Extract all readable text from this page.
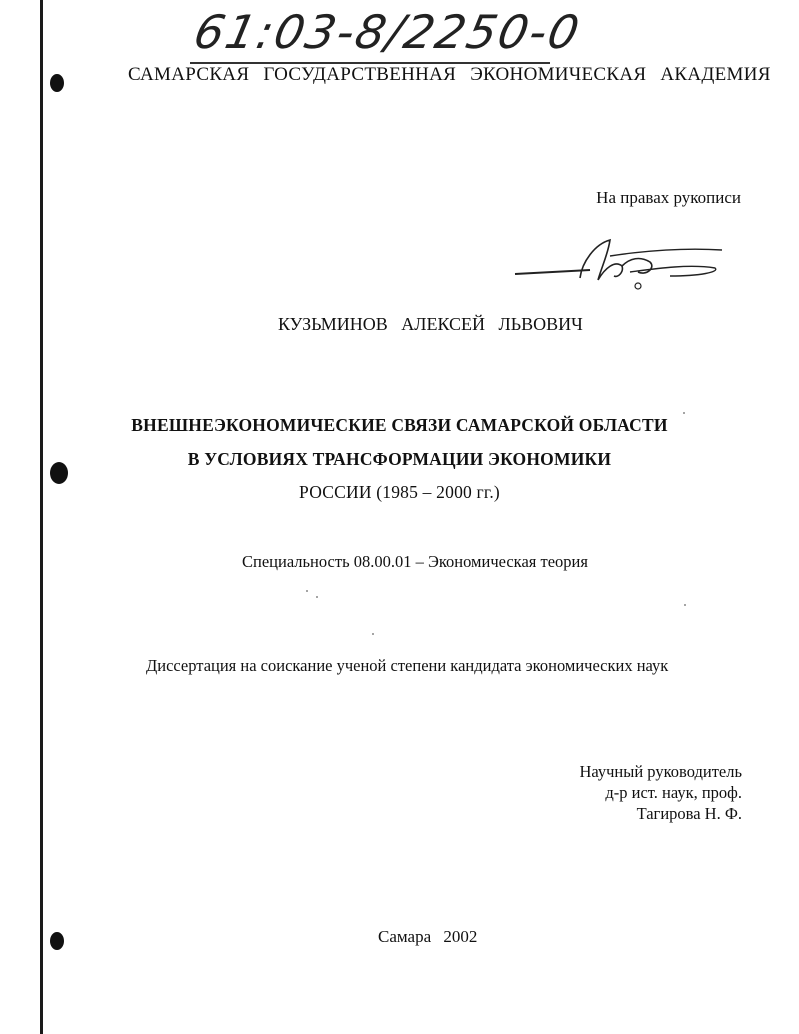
61:03-8/2250-0
САМАРСКАЯ ГОСУДАРСТВЕННАЯ ЭКОНОМИЧЕСКАЯ АКАДЕМИЯ
На правах рукописи
КУЗЬМИНОВ АЛЕКСЕЙ ЛЬВОВИЧ
ВНЕШНЕЭКОНОМИЧЕСКИЕ СВЯЗИ САМАРСКОЙ ОБЛАСТИ
В УСЛОВИЯХ ТРАНСФОРМАЦИИ ЭКОНОМИКИ
РОССИИ (1985 – 2000 гг.)
Специальность 08.00.01 – Экономическая теория
Диссертация на соискание ученой степени кандидата экономических наук
Научный руководитель
д-р ист. наук, проф.
Тагирова Н. Ф.
Самара 2002
